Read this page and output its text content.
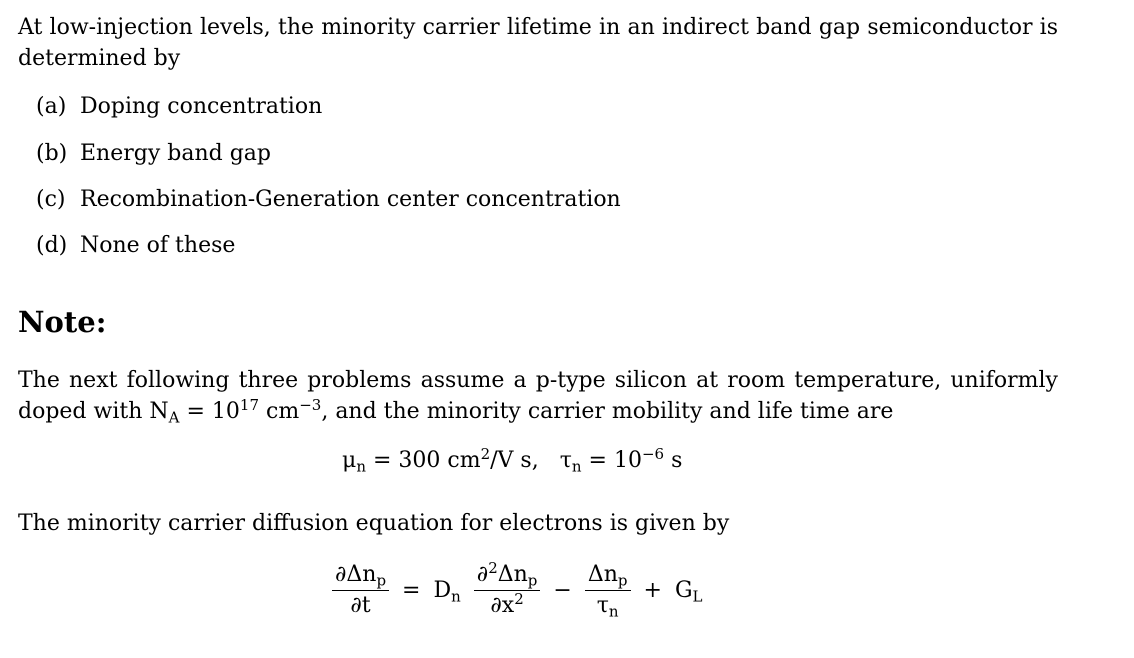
At low-injection levels, the minority carrier lifetime in an indirect band gap semiconductor is determined by
(a) Doping concentration
(b) Energy band gap
(c) Recombination-Generation center concentration
(d) None of these
Note:
The next following three problems assume a p-type silicon at room temperature, uniformly doped with $N_A = 10^{17}$ $cm^{-3}$, and the minority carrier mobility and life time are
$\mu_n = 300$ $cm^2/V$ s, $\tau_n = 10^{-6}$ s
The minority carrier diffusion equation for electrons is given by
$\frac{\partial\Delta n_p}{\partial t} = D_n \frac{\partial^2\Delta n_p}{\partial x^2} - \frac{\Delta n_p}{\tau_n} + G_L$
